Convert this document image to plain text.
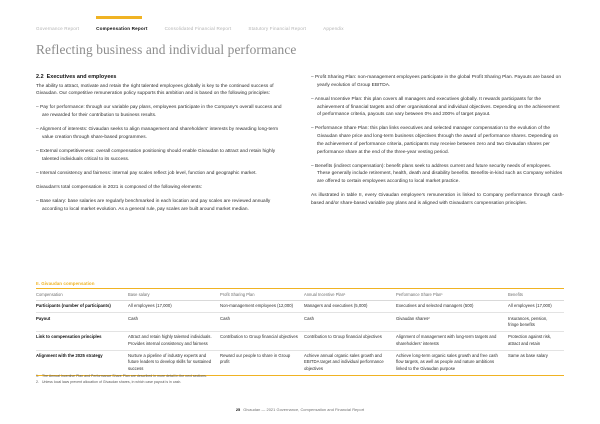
Governance Report	Compensation Report	Consolidated Financial Report	Statutory Financial Report	Appendix
Reflecting business and individual performance
2.2 Executives and employees

The ability to attract, motivate and retain the right talented employees globally is key to the continued success of Givaudan. Our competitive remuneration policy supports this ambition and is based on the following principles:

– Pay for performance: through our variable pay plans, employees participate in the Company's overall success and are rewarded for their contribution to business results.

– Alignment of interests: Givaudan seeks to align management and shareholders' interests by rewarding long-term value creation through share-based programmes.

– External competitiveness: overall compensation positioning should enable Givaudan to attract and retain highly talented individuals critical to its success.

– Internal consistency and fairness: internal pay scales reflect job level, function and geographic market.

Givaudan's total compensation in 2021 is composed of the following elements:

– Base salary: base salaries are regularly benchmarked in each location and pay scales are reviewed annually according to local market evolution. As a general rule, pay scales are built around market median.

– Profit Sharing Plan: non-management employees participate in the global Profit Sharing Plan. Payouts are based on yearly evolution of Group EBITDA.

– Annual Incentive Plan: this plan covers all managers and executives globally. It rewards participants for the achievement of financial targets and other organisational and individual objectives. Depending on the achievement of performance criteria, payouts can vary between 0% and 200% of target payout.

– Performance Share Plan: this plan links executives and selected manager compensation to the evolution of the Givaudan share price and long-term business objectives through the award of performance shares. Depending on the achievement of performance criteria, participants may receive between zero and two Givaudan shares per performance share at the end of the three-year vesting period.

– Benefits (indirect compensation): benefit plans seek to address current and future security needs of employees. These generally include retirement, health, death and disability benefits. Benefits-in-kind such as Company vehicles are offered to certain employees according to local market practice.

As illustrated in table II, every Givaudan employee's remuneration is linked to Company performance through cash-based and/or share-based variable pay plans and is aligned with Givaudan's compensation principles.

II. Givaudan compensation
Compensation	Base salary	Profit Sharing Plan	Annual Incentive Plan¹	Performance Share Plan¹	Benefits
Participants (number of participants)	All employees (17,000)	Non-management employees (12,000)	Managers and executives (5,000)	Executives and selected managers (500)	All employees (17,000)
Payout	Cash	Cash	Cash	Givaudan shares²	Insurances, pension, fringe benefits
Link to compensation principles	Attract and retain highly talented individuals. Provides internal consistency and fairness	Contribution to Group financial objectives	Contribution to Group financial objectives	Alignment of management with long-term targets and shareholders' interests	Protection against risk, attract and retain
Alignment with the 2025 strategy	Nurture a pipeline of industry experts and future leaders to develop skills for sustained success	Reward our people to share in Group profit	Achieve annual organic sales growth and EBITDA target and individual performance objectives	Achieve long-term organic sales growth and free cash flow targets, as well as people and nature ambitions linked to the Givaudan purpose	Same as base salary
1. The Annual Incentive Plan and Performance Share Plan are described in more detail in the next sections.
2. Unless local laws prevent allocation of Givaudan shares, in which case payout is in cash.
25 Givaudan — 2021 Governance, Compensation and Financial Report
